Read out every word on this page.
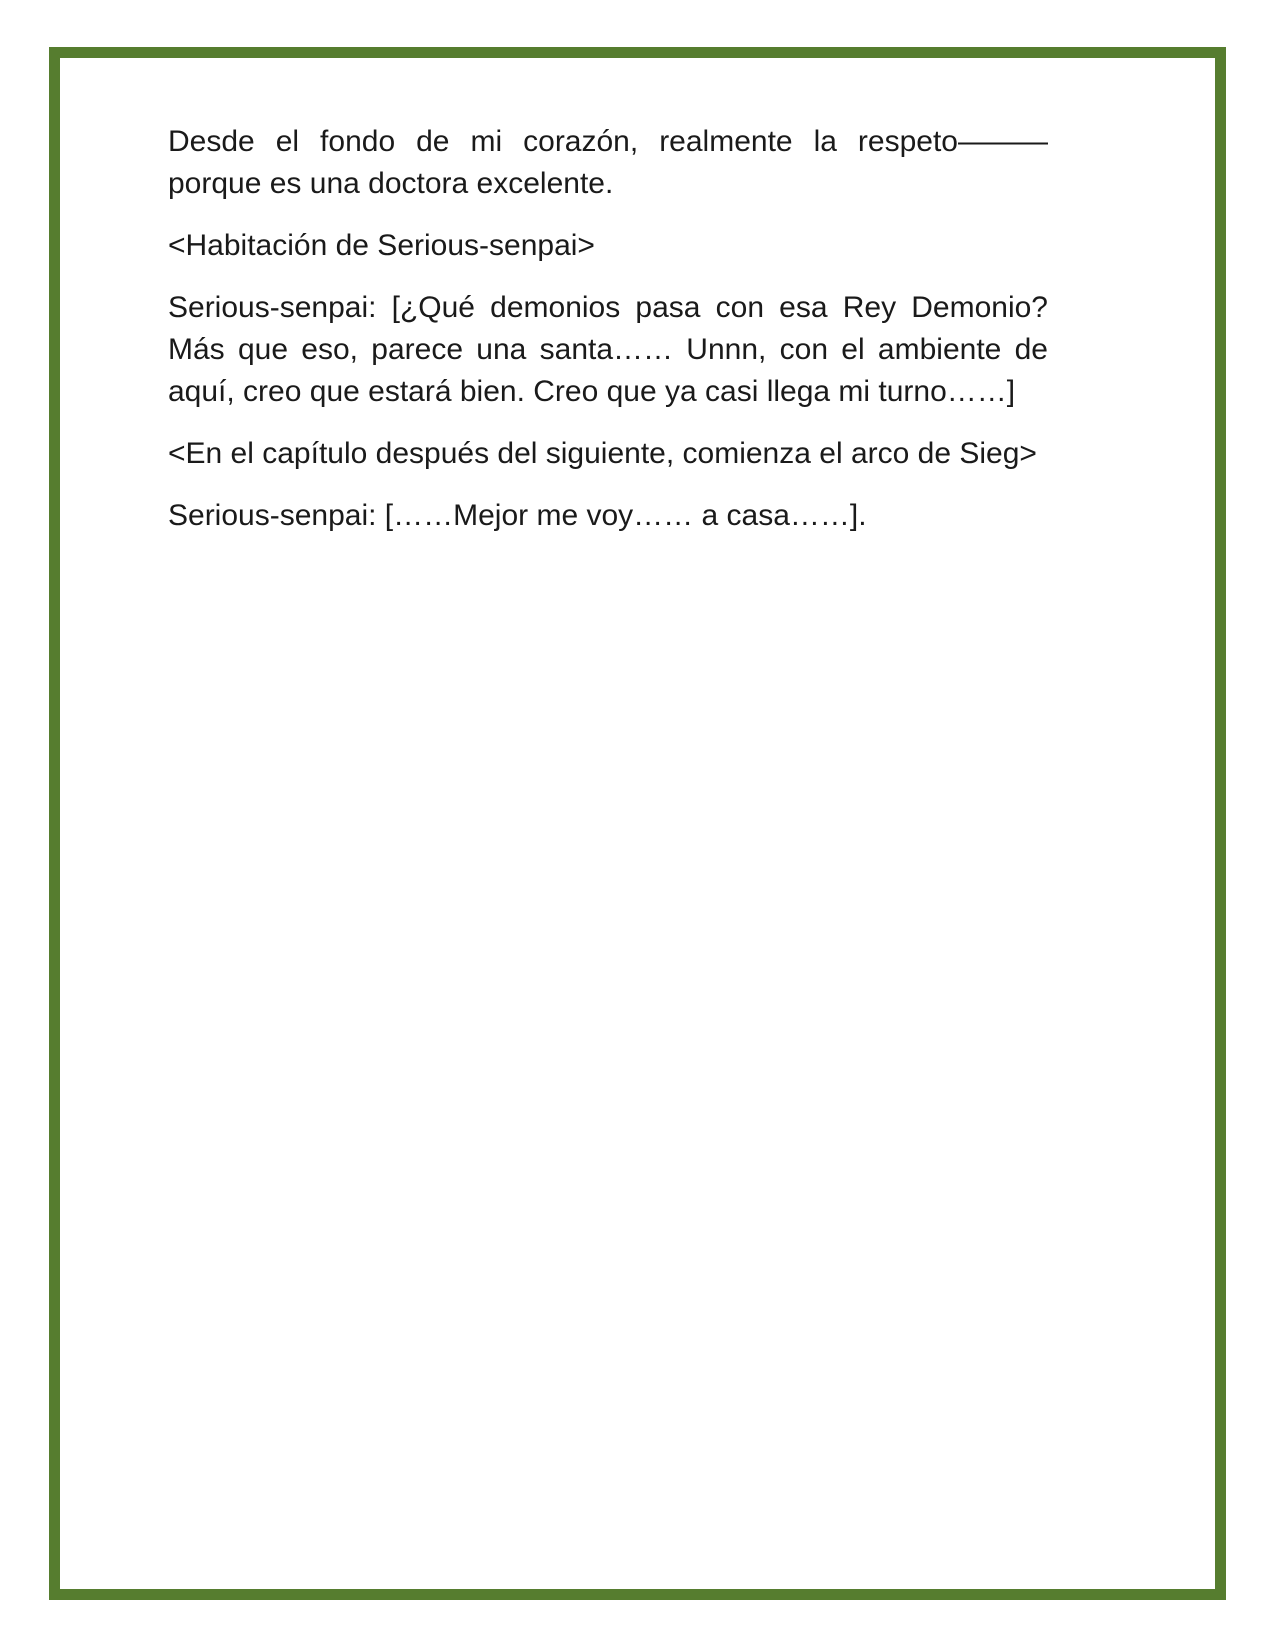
Desde el fondo de mi corazón, realmente la respeto——— porque es una doctora excelente.

<Habitación de Serious-senpai>

Serious-senpai: [¿Qué demonios pasa con esa Rey Demonio? Más que eso, parece una santa…… Unnn, con el ambiente de aquí, creo que estará bien. Creo que ya casi llega mi turno……]

<En el capítulo después del siguiente, comienza el arco de Sieg>

Serious-senpai: [……Mejor me voy…… a casa……].
